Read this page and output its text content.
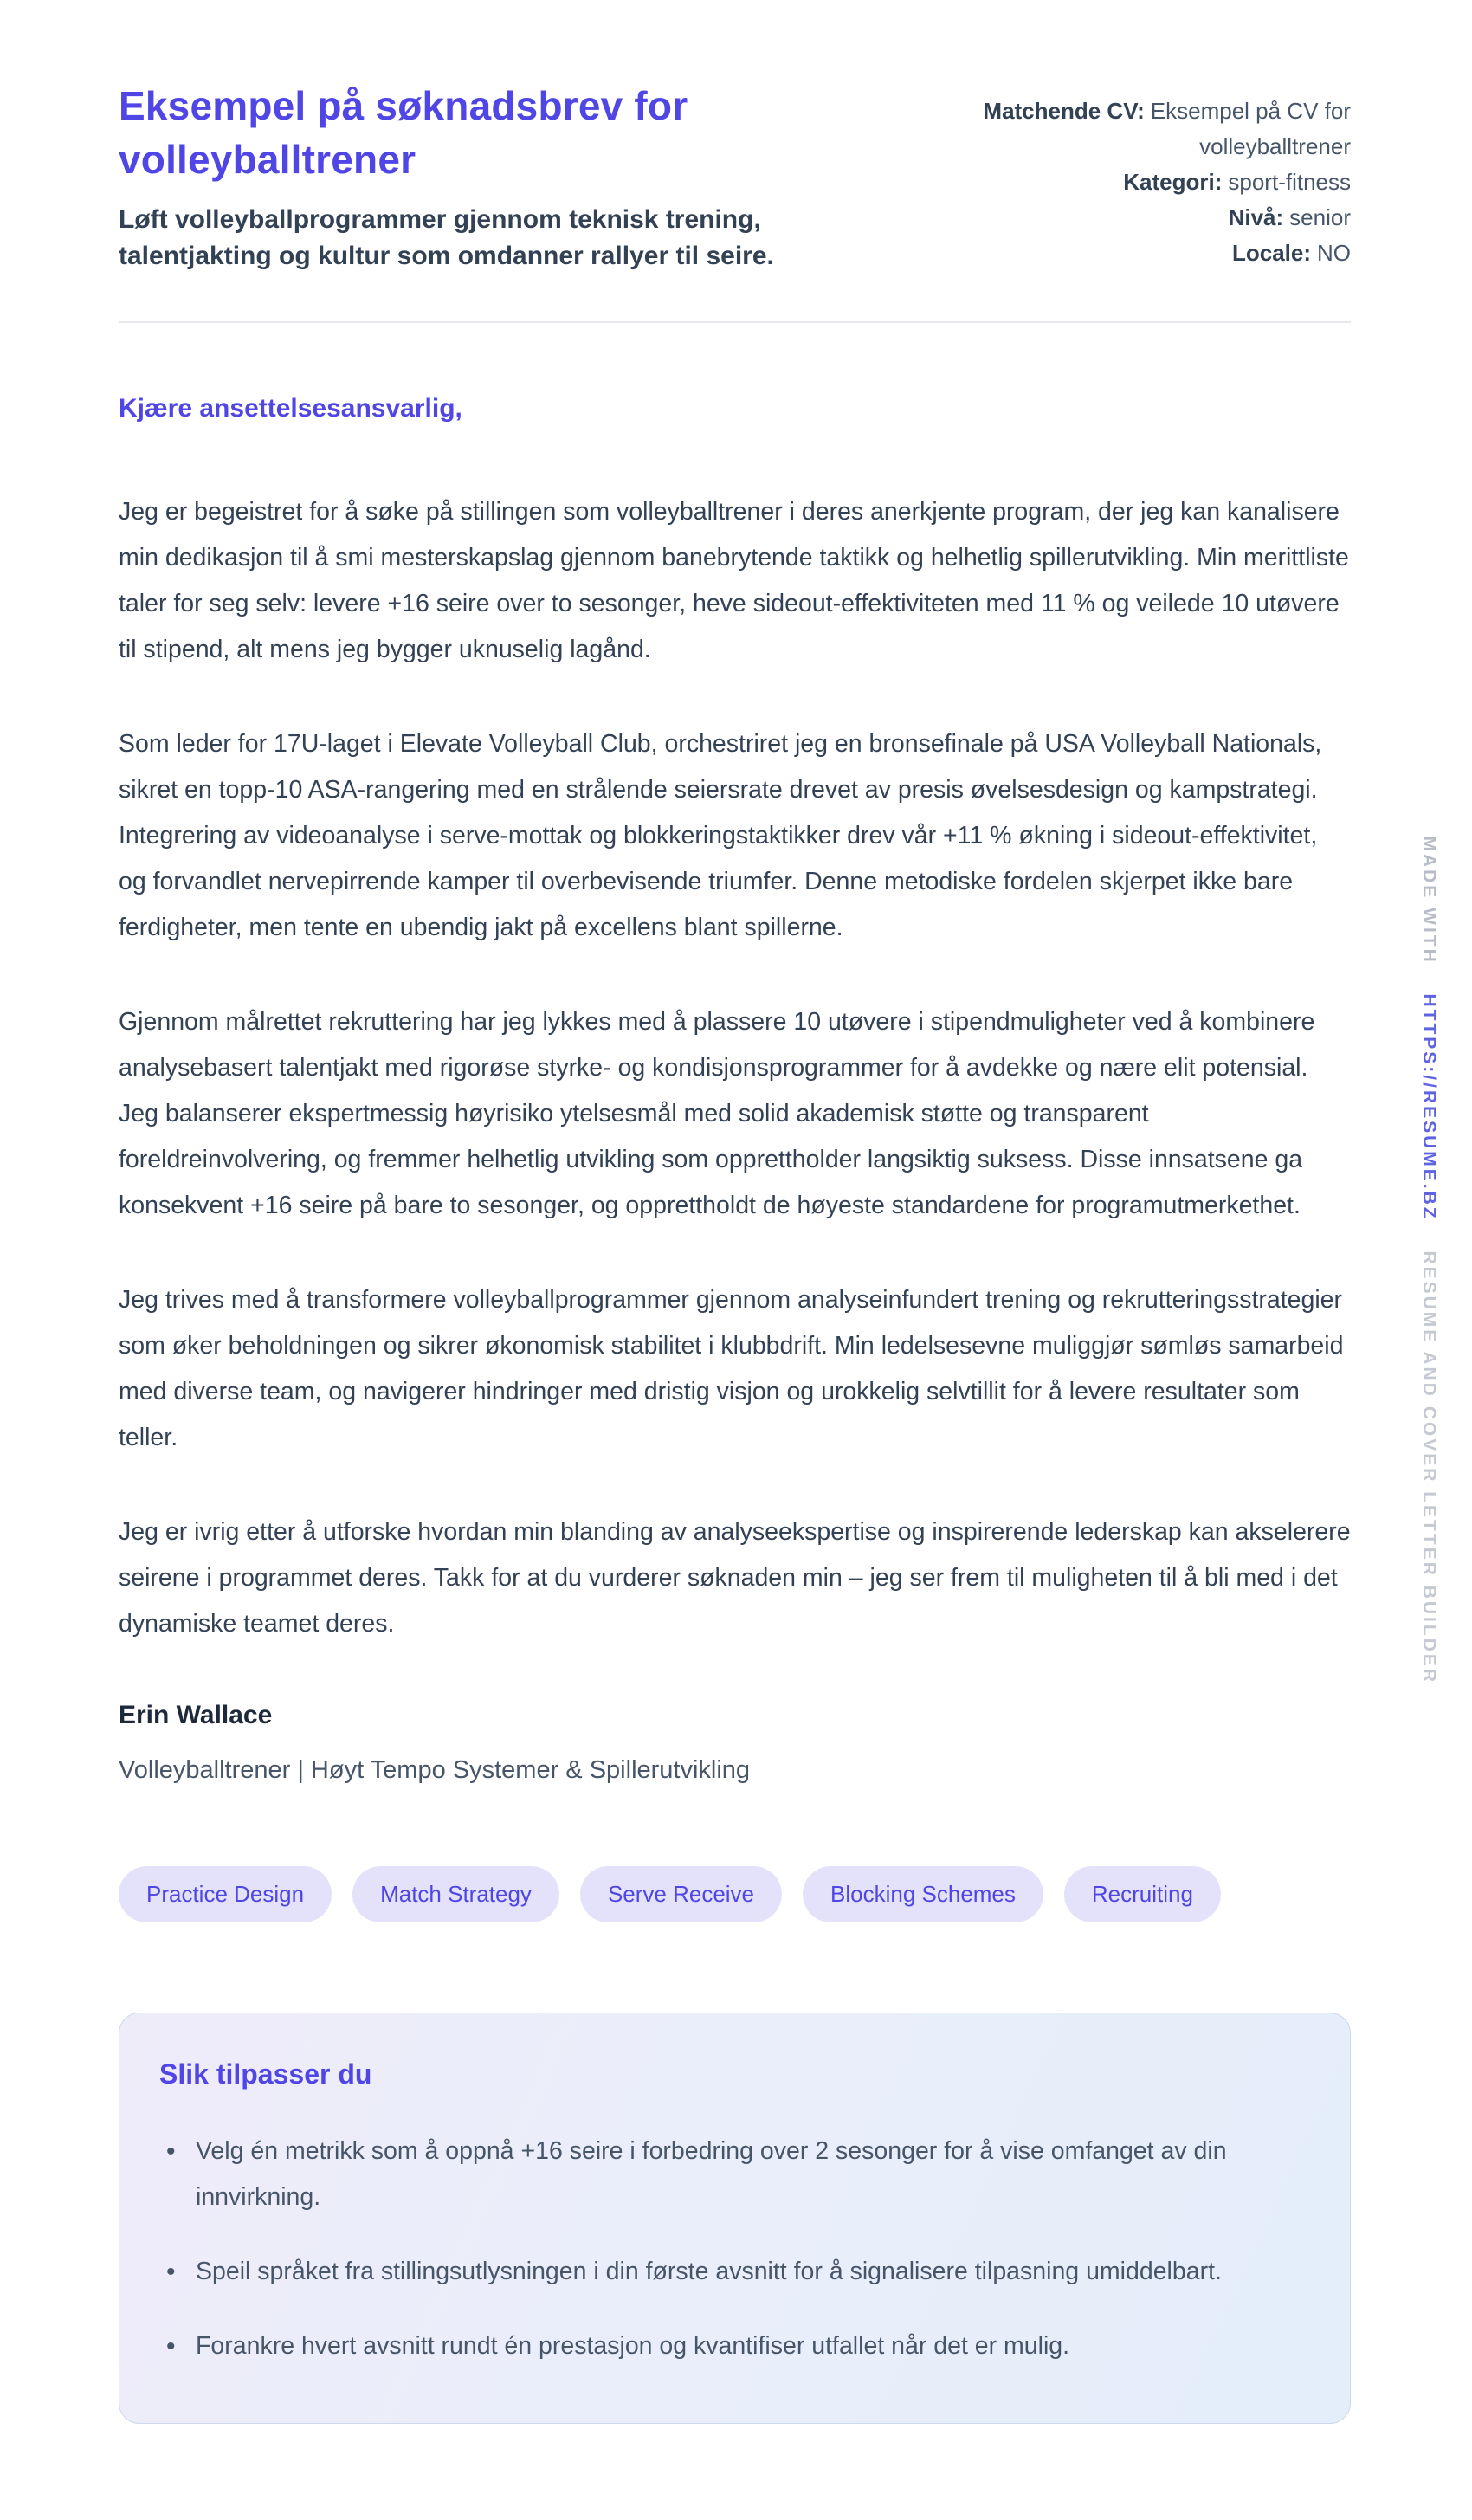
Eksempel på søknadsbrev for volleyballtrener
Løft volleyballprogrammer gjennom teknisk trening, talentjakting og kultur som omdanner rallyer til seire.
Matchende CV: Eksempel på CV for volleyballtrener
Kategori: sport-fitness
Nivå: senior
Locale: NO
Kjære ansettelsesansvarlig,

Jeg er begeistret for å søke på stillingen som volleyballtrener i deres anerkjente program, der jeg kan kanalisere min dedikasjon til å smi mesterskapslag gjennom banebrytende taktikk og helhetlig spillerutvikling. Min merittliste taler for seg selv: levere +16 seire over to sesonger, heve sideout-effektiviteten med 11 % og veilede 10 utøvere til stipend, alt mens jeg bygger uknuselig lagånd.

Som leder for 17U-laget i Elevate Volleyball Club, orchestriret jeg en bronsefinale på USA Volleyball Nationals, sikret en topp-10 ASA-rangering med en strålende seiersrate drevet av presis øvelsesdesign og kampstrategi. Integrering av videoanalyse i serve-mottak og blokkeringstaktikker drev vår +11 % økning i sideout-effektivitet, og forvandlet nervepirrende kamper til overbevisende triumfer. Denne metodiske fordelen skjerpet ikke bare ferdigheter, men tente en ubendig jakt på excellens blant spillerne.

Gjennom målrettet rekruttering har jeg lykkes med å plassere 10 utøvere i stipendmuligheter ved å kombinere analysebasert talentjakt med rigorøse styrke- og kondisjonsprogrammer for å avdekke og nære elit potensial. Jeg balanserer ekspertmessig høyrisiko ytelsesmål med solid akademisk støtte og transparent foreldreinvolvering, og fremmer helhetlig utvikling som opprettholder langsiktig suksess. Disse innsatsene ga konsekvent +16 seire på bare to sesonger, og opprettholdt de høyeste standardene for programutmerkethet.

Jeg trives med å transformere volleyballprogrammer gjennom analyseinfundert trening og rekrutteringsstrategier som øker beholdningen og sikrer økonomisk stabilitet i klubbdrift. Min ledelsesevne muliggjør sømløs samarbeid med diverse team, og navigerer hindringer med dristig visjon og urokkelig selvtillit for å levere resultater som teller.

Jeg er ivrig etter å utforske hvordan min blanding av analyseekspertise og inspirerende lederskap kan akselerere seirene i programmet deres. Takk for at du vurderer søknaden min – jeg ser frem til muligheten til å bli med i det dynamiske teamet deres.

Erin Wallace
Volleyballtrener | Høyt Tempo Systemer & Spillerutvikling
Practice Design	Match Strategy	Serve Receive	Blocking Schemes	Recruiting
Slik tilpasser du
• Velg én metrikk som å oppnå +16 seire i forbedring over 2 sesonger for å vise omfanget av din innvirkning.
• Speil språket fra stillingsutlysningen i din første avsnitt for å signalisere tilpasning umiddelbart.
• Forankre hvert avsnitt rundt én prestasjon og kvantifiser utfallet når det er mulig.
MADE WITH
HTTPS://RESUME.BZ
RESUME AND COVER LETTER BUILDER
